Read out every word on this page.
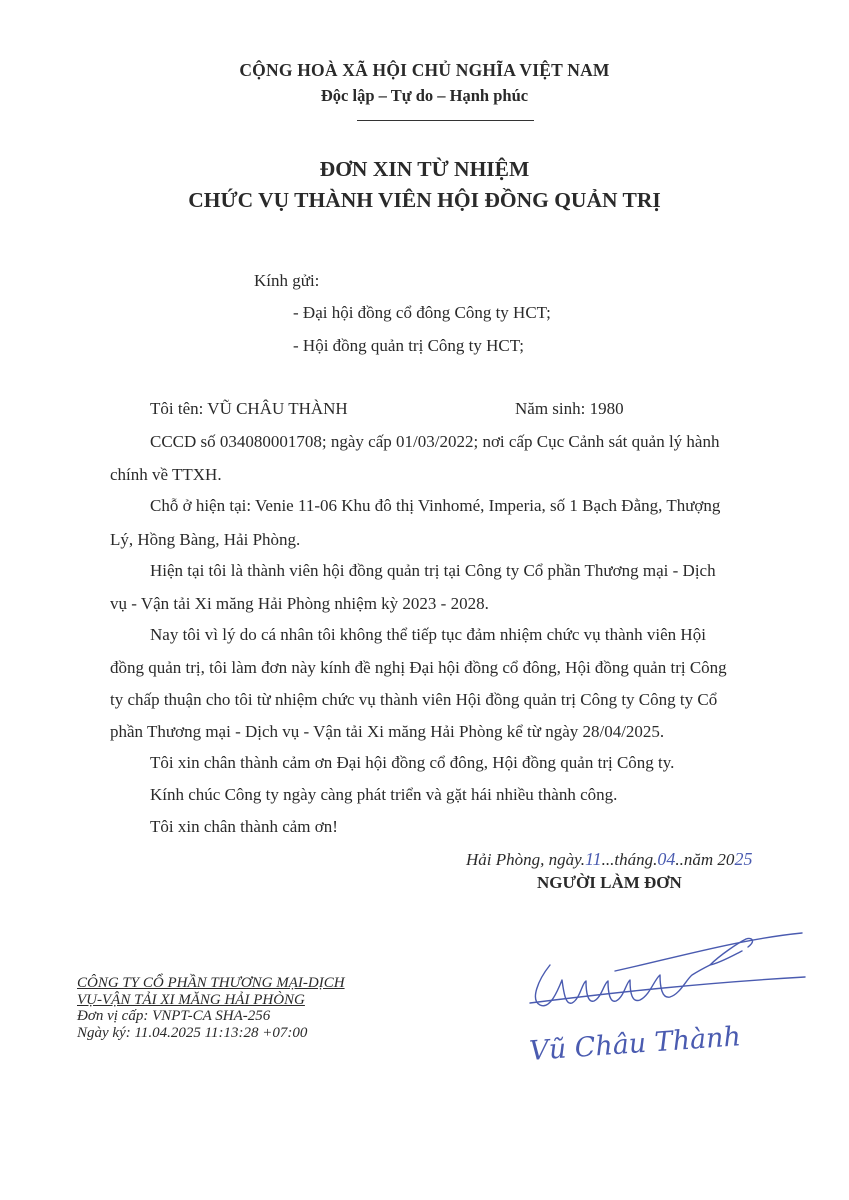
CỘNG HOÀ XÃ HỘI CHỦ NGHĨA VIỆT NAM
Độc lập – Tự do – Hạnh phúc
ĐƠN XIN TỪ NHIỆM
CHỨC VỤ THÀNH VIÊN HỘI ĐỒNG QUẢN TRỊ
Kính gửi:
- Đại hội đồng cổ đông Công ty HCT;
- Hội đồng quản trị Công ty HCT;
Tôi tên: VŨ CHÂU THÀNH	Năm sinh: 1980
CCCD số 034080001708; ngày cấp 01/03/2022; nơi cấp Cục Cảnh sát quản lý hành
chính về TTXH.
Chỗ ở hiện tại: Venie 11-06 Khu đô thị Vinhomé, Imperia, số 1 Bạch Đằng, Thượng
Lý, Hồng Bàng, Hải Phòng.
Hiện tại tôi là thành viên hội đồng quản trị tại Công ty Cổ phần Thương mại - Dịch
vụ - Vận tải Xi măng Hải Phòng nhiệm kỳ 2023 - 2028.
Nay tôi vì lý do cá nhân tôi không thể tiếp tục đảm nhiệm chức vụ thành viên Hội
đồng quản trị, tôi làm đơn này kính đề nghị Đại hội đồng cổ đông, Hội đồng quản trị Công
ty chấp thuận cho tôi từ nhiệm chức vụ thành viên Hội đồng quản trị Công ty Công ty Cổ
phần Thương mại - Dịch vụ - Vận tải Xi măng Hải Phòng kể từ ngày 28/04/2025.
Tôi xin chân thành cảm ơn Đại hội đồng cổ đông, Hội đồng quản trị Công ty.
Kính chúc Công ty ngày càng phát triển và gặt hái nhiều thành công.
Tôi xin chân thành cảm ơn!
Hải Phòng, ngày.11...tháng.04..năm 2025
NGƯỜI LÀM ĐƠN
CÔNG TY CỔ PHẦN THƯƠNG MẠI-DỊCH
VỤ-VẬN TẢI XI MĂNG HẢI PHÒNG
Đơn vị cấp: VNPT-CA SHA-256
Ngày ký: 11.04.2025 11:13:28 +07:00	Vũ Châu Thành
